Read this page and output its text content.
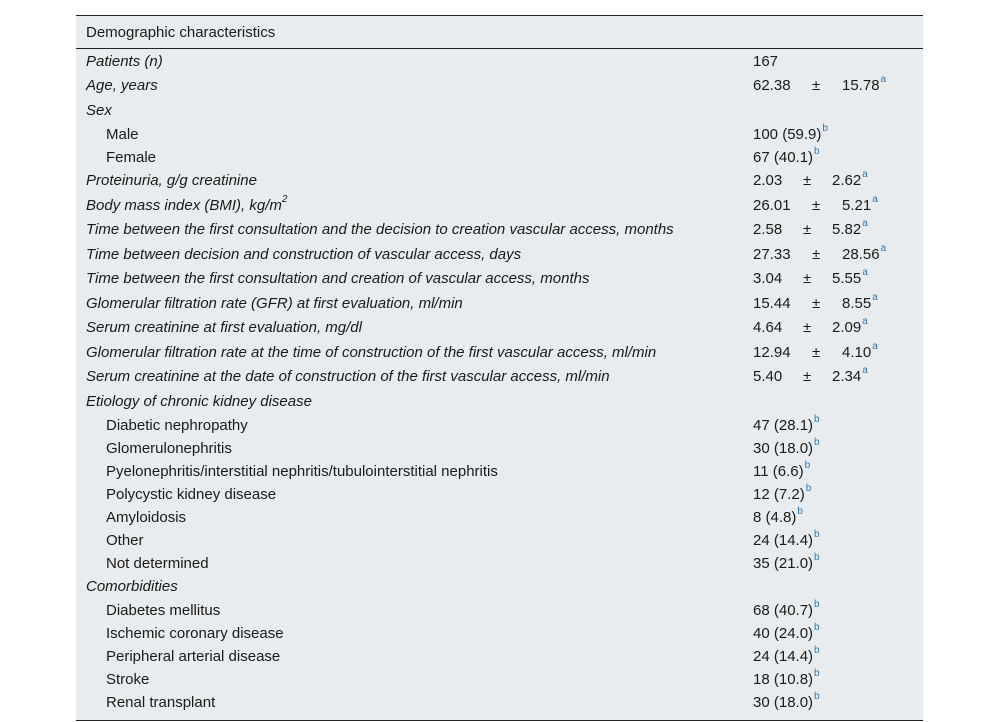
Demographic characteristics
Patients (n)	167
Age, years	62.38 ± 15.78$^a$
Sex
Male	100 $(59.9)^b$
Female	67 $(40.1)^b$
Proteinuria, g/g creatinine	2.03 ± 2.62$^a$
Body mass index (BMI), $kg/m^2$	26.01 ± 5.21$^a$
Time between the first consultation and the decision to creation vascular access, months	2.58 ± 5.82$^a$
Time between decision and construction of vascular access, days	27.33 ± 28.56$^a$
Time between the first consultation and creation of vascular access, months	3.04 ± 5.55$^a$
Glomerular filtration rate (GFR) at first evaluation, ml/min	15.44 ± 8.55$^a$
Serum creatinine at first evaluation, mg/dl	4.64 ± 2.09$^a$
Glomerular filtration rate at the time of construction of the first vascular access, ml/min	12.94 ± 4.10$^a$
Serum creatinine at the date of construction of the first vascular access, ml/min	5.40 ± 2.34$^a$
Etiology of chronic kidney disease
Diabetic nephropathy	47 $(28.1)^b$
Glomerulonephritis	30 $(18.0)^b$
Pyelonephritis/interstitial nephritis/tubulointerstitial nephritis	11 $(6.6)^b$
Polycystic kidney disease	12 $(7.2)^b$
Amyloidosis	8 $(4.8)^b$
Other	24 $(14.4)^b$
Not determined	35 $(21.0)^b$
Comorbidities
Diabetes mellitus	68 $(40.7)^b$
Ischemic coronary disease	40 $(24.0)^b$
Peripheral arterial disease	24 $(14.4)^b$
Stroke	18 $(10.8)^b$
Renal transplant	30 $(18.0)^b$
